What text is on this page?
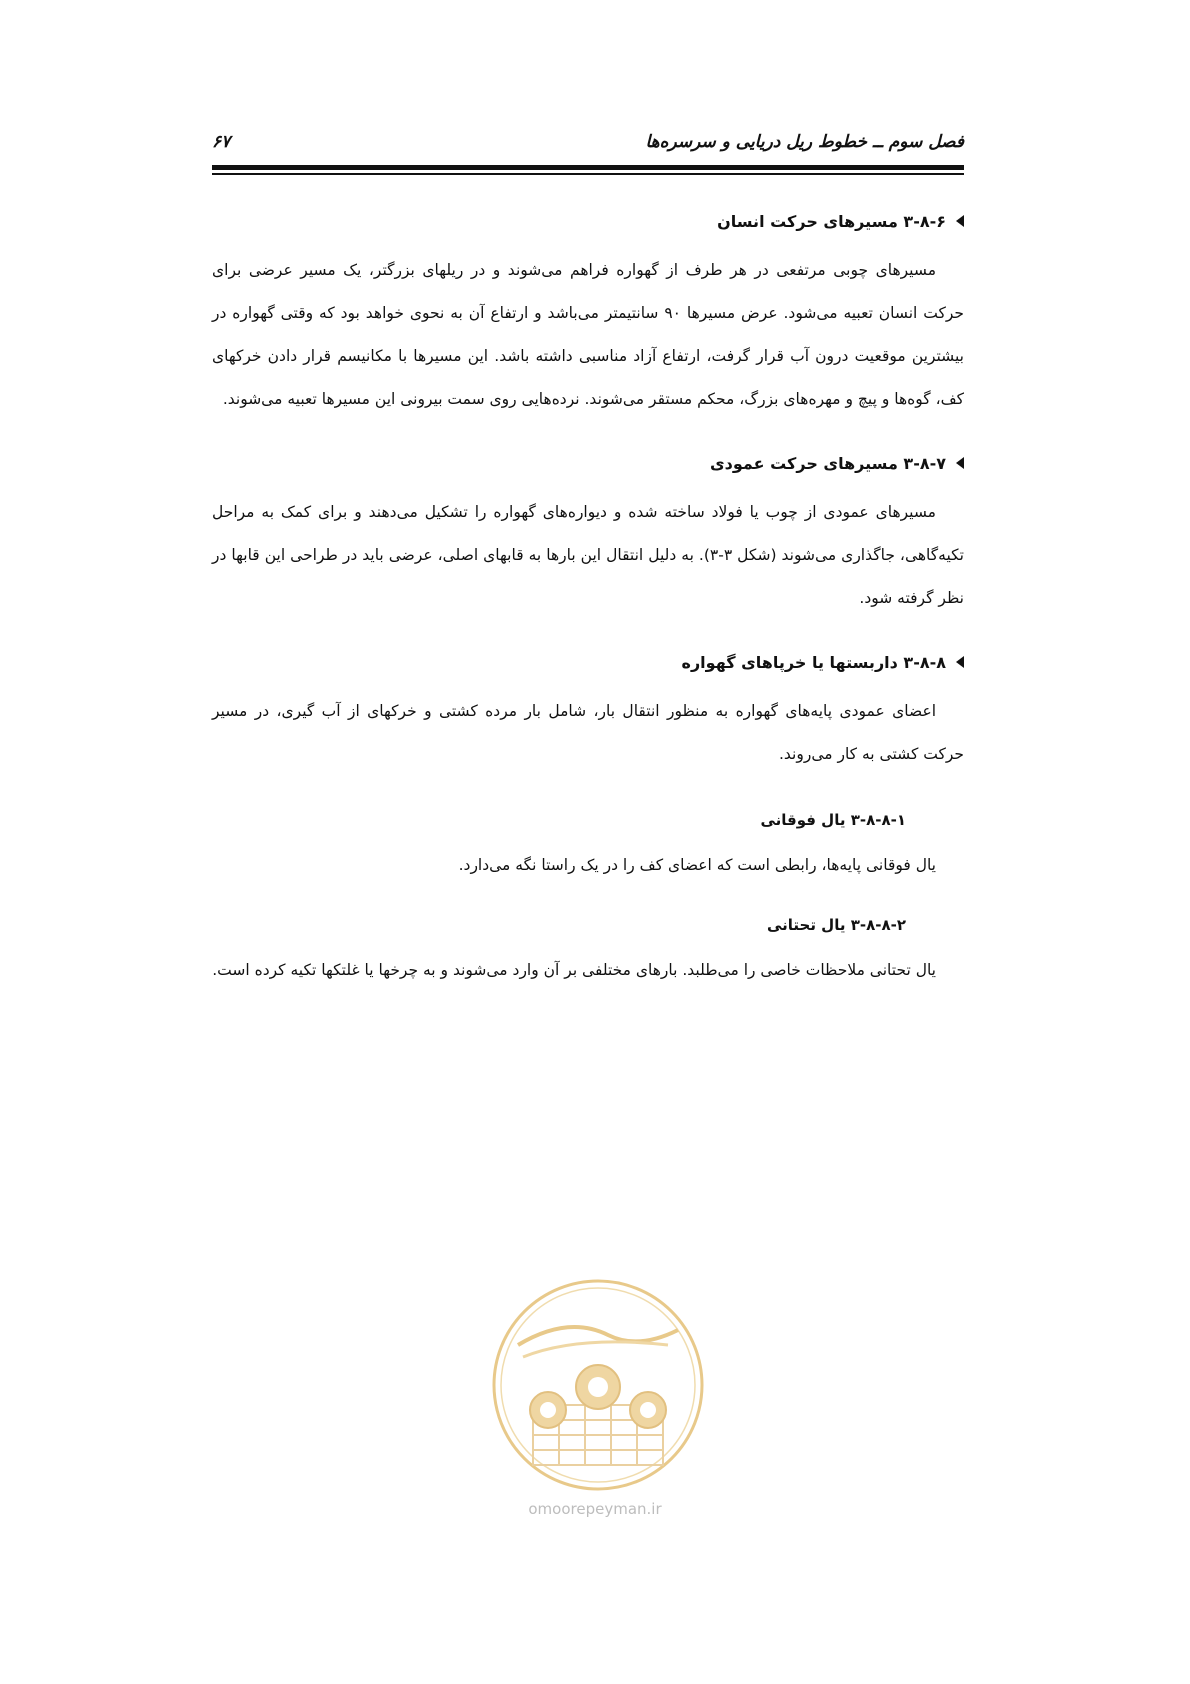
فصل سوم ــ خطوط ریل دریایی و سرسره‌ها
۶۷
۳-۸-۶ مسیرهای حرکت انسان

مسیرهای چوبی مرتفعی در هر طرف از گهواره فراهم می‌شوند و در ریلهای بزرگتر، یک مسیر عرضی برای حرکت انسان تعبیه می‌شود. عرض مسیرها ۹۰ سانتیمتر می‌باشد و ارتفاع آن به نحوی خواهد بود که وقتی گهواره در بیشترین موقعیت درون آب قرار گرفت، ارتفاع آزاد مناسبی داشته باشد. این مسیرها با مکانیسم قرار دادن خرکهای کف، گوه‌ها و پیچ و مهره‌های بزرگ، محکم مستقر می‌شوند. نرده‌هایی روی سمت بیرونی این مسیرها تعبیه می‌شوند.

۳-۸-۷ مسیرهای حرکت عمودی

مسیرهای عمودی از چوب یا فولاد ساخته شده و دیواره‌های گهواره را تشکیل می‌دهند و برای کمک به مراحل تکیه‌گاهی، جاگذاری می‌شوند (شکل ۳-۳). به دلیل انتقال این بارها به قابهای اصلی، عرضی باید در طراحی این قابها در نظر گرفته شود.

۳-۸-۸ داربستها یا خرپاهای گهواره

اعضای عمودی پایه‌های گهواره به منظور انتقال بار، شامل بار مرده کشتی و خرکهای از آب گیری، در مسیر حرکت کشتی به کار می‌روند.

۳-۸-۸-۱ یال فوقانی

یال فوقانی پایه‌ها، رابطی است که اعضای کف را در یک راستا نگه می‌دارد.

۳-۸-۸-۲ یال تحتانی

یال تحتانی ملاحظات خاصی را می‌طلبد. بارهای مختلفی بر آن وارد می‌شوند و به چرخها یا غلتکها تکیه کرده است.

omoorepeyman.ir
